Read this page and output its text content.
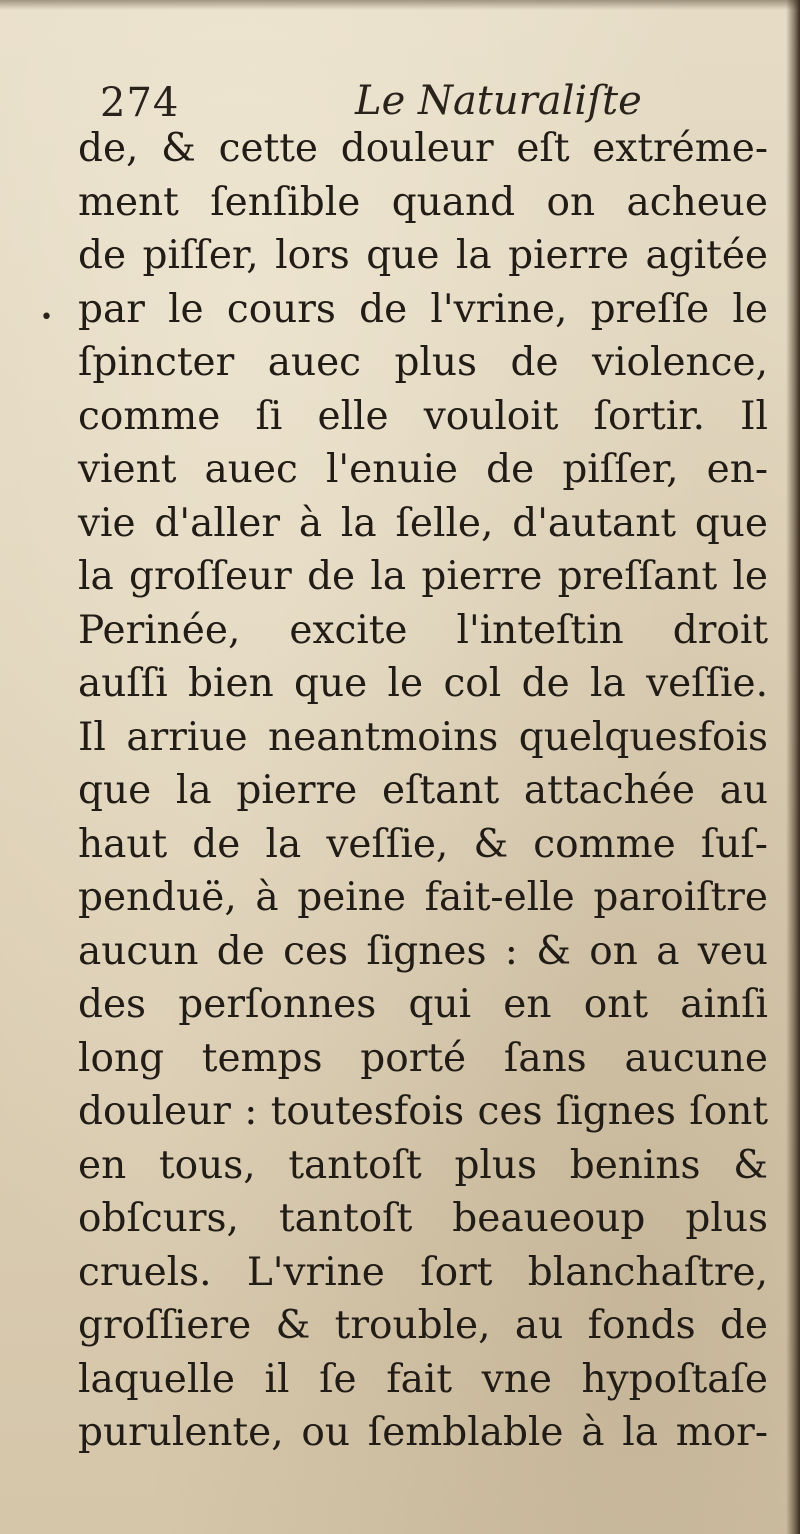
274	Le Naturaliſte
•
de, & cette douleur eſt extréme-
ment ſenſible quand on acheue
de piſſer, lors que la pierre agitée
par le cours de l'vrine, preſſe le
ſpincter auec plus de violence,
comme ſi elle vouloit ſortir. Il
vient auec l'enuie de piſſer, en-
vie d'aller à la ſelle, d'autant que
la groſſeur de la pierre preſſant le
Perinée, excite l'inteſtin droit
auſſi bien que le col de la veſſie.
Il arriue neantmoins quelquesfois
que la pierre eſtant attachée au
haut de la veſſie, & comme ſuſ-
penduë, à peine fait-elle paroiſtre
aucun de ces ſignes : & on a veu
des perſonnes qui en ont ainſi
long temps porté ſans aucune
douleur : toutesfois ces ſignes ſont
en tous, tantoſt plus benins &
obſcurs, tantoſt beaueoup plus
cruels. L'vrine ſort blanchaſtre,
groſſiere & trouble, au fonds de
laquelle il ſe fait vne hypoſtaſe
purulente, ou ſemblable à la mor-
